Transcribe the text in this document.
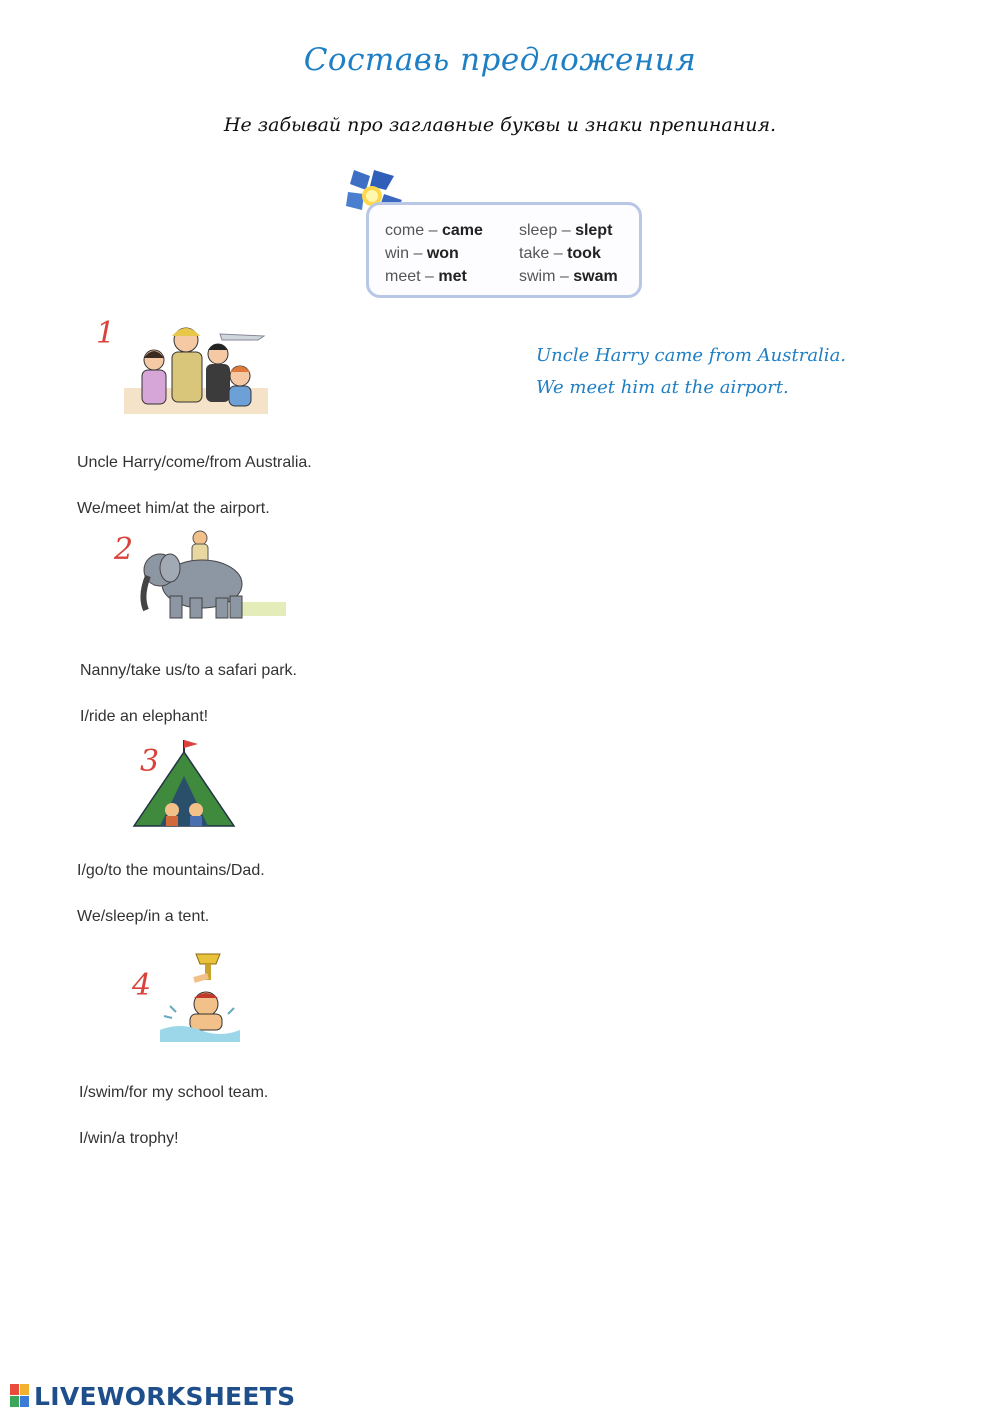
Составь предложения
Не забывай про заглавные буквы и знаки препинания.
come – came
win – won
meet – met
sleep – slept
take – took
swim – swam
1

Uncle Harry/come/from Australia.

We/meet him/at the airport.

Uncle Harry came from Australia.
We meet him at the airport.
2

Nanny/take us/to a safari park.

I/ride an elephant!

3

I/go/to the mountains/Dad.

We/sleep/in a tent.

4

I/swim/for my school team.

I/win/a trophy!

LIVEWORKSHEETS
